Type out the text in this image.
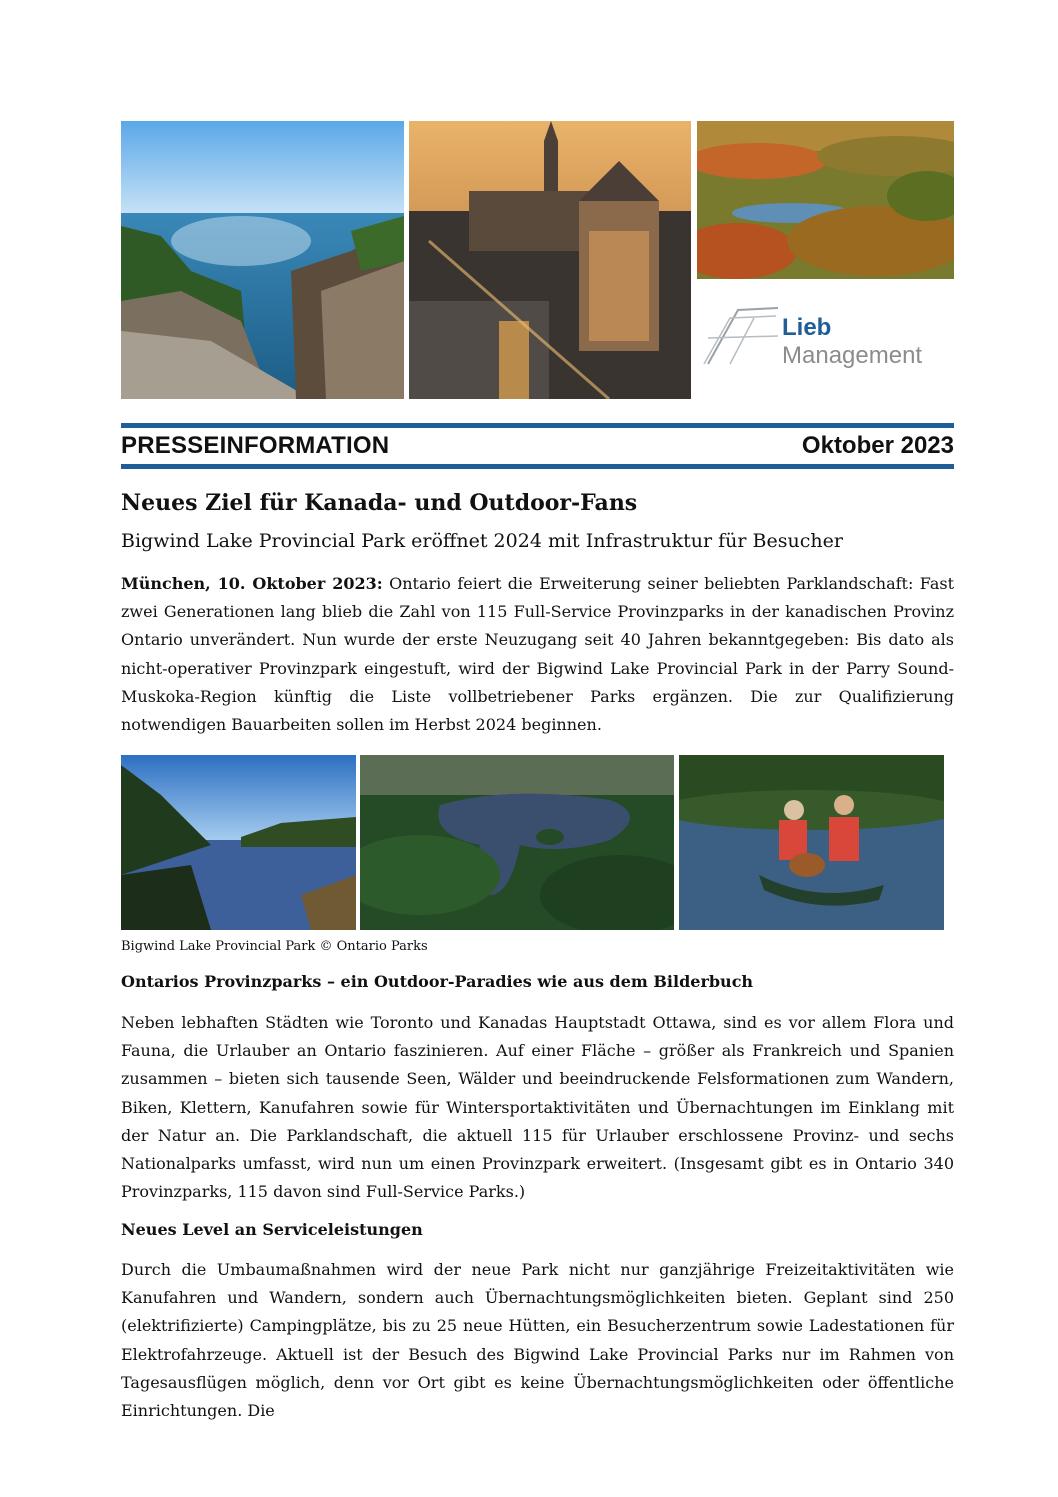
Lieb
Management
PRESSEINFORMATION	Oktober 2023
Neues Ziel für Kanada- und Outdoor-Fans
Bigwind Lake Provincial Park eröffnet 2024 mit Infrastruktur für Besucher
München, 10. Oktober 2023: Ontario feiert die Erweiterung seiner beliebten Parklandschaft: Fast zwei Generationen lang blieb die Zahl von 115 Full-Service Provinzparks in der kanadischen Provinz Ontario unverändert. Nun wurde der erste Neuzugang seit 40 Jahren bekanntgegeben: Bis dato als nicht-operativer Provinzpark eingestuft, wird der Bigwind Lake Provincial Park in der Parry Sound-Muskoka-Region künftig die Liste vollbetriebener Parks ergänzen. Die zur Qualifizierung notwendigen Bauarbeiten sollen im Herbst 2024 beginnen.
Bigwind Lake Provincial Park © Ontario Parks
Ontarios Provinzparks – ein Outdoor-Paradies wie aus dem Bilderbuch
Neben lebhaften Städten wie Toronto und Kanadas Hauptstadt Ottawa, sind es vor allem Flora und Fauna, die Urlauber an Ontario faszinieren. Auf einer Fläche – größer als Frankreich und Spanien zusammen – bieten sich tausende Seen, Wälder und beeindruckende Felsformationen zum Wandern, Biken, Klettern, Kanufahren sowie für Wintersportaktivitäten und Übernachtungen im Einklang mit der Natur an. Die Parklandschaft, die aktuell 115 für Urlauber erschlossene Provinz- und sechs Nationalparks umfasst, wird nun um einen Provinzpark erweitert. (Insgesamt gibt es in Ontario 340 Provinzparks, 115 davon sind Full-Service Parks.)
Neues Level an Serviceleistungen
Durch die Umbaumaßnahmen wird der neue Park nicht nur ganzjährige Freizeitaktivitäten wie Kanufahren und Wandern, sondern auch Übernachtungsmöglichkeiten bieten. Geplant sind 250 (elektrifizierte) Campingplätze, bis zu 25 neue Hütten, ein Besucherzentrum sowie Ladestationen für Elektrofahrzeuge. Aktuell ist der Besuch des Bigwind Lake Provincial Parks nur im Rahmen von Tagesausflügen möglich, denn vor Ort gibt es keine Übernachtungsmöglichkeiten oder öffentliche Einrichtungen. Die
